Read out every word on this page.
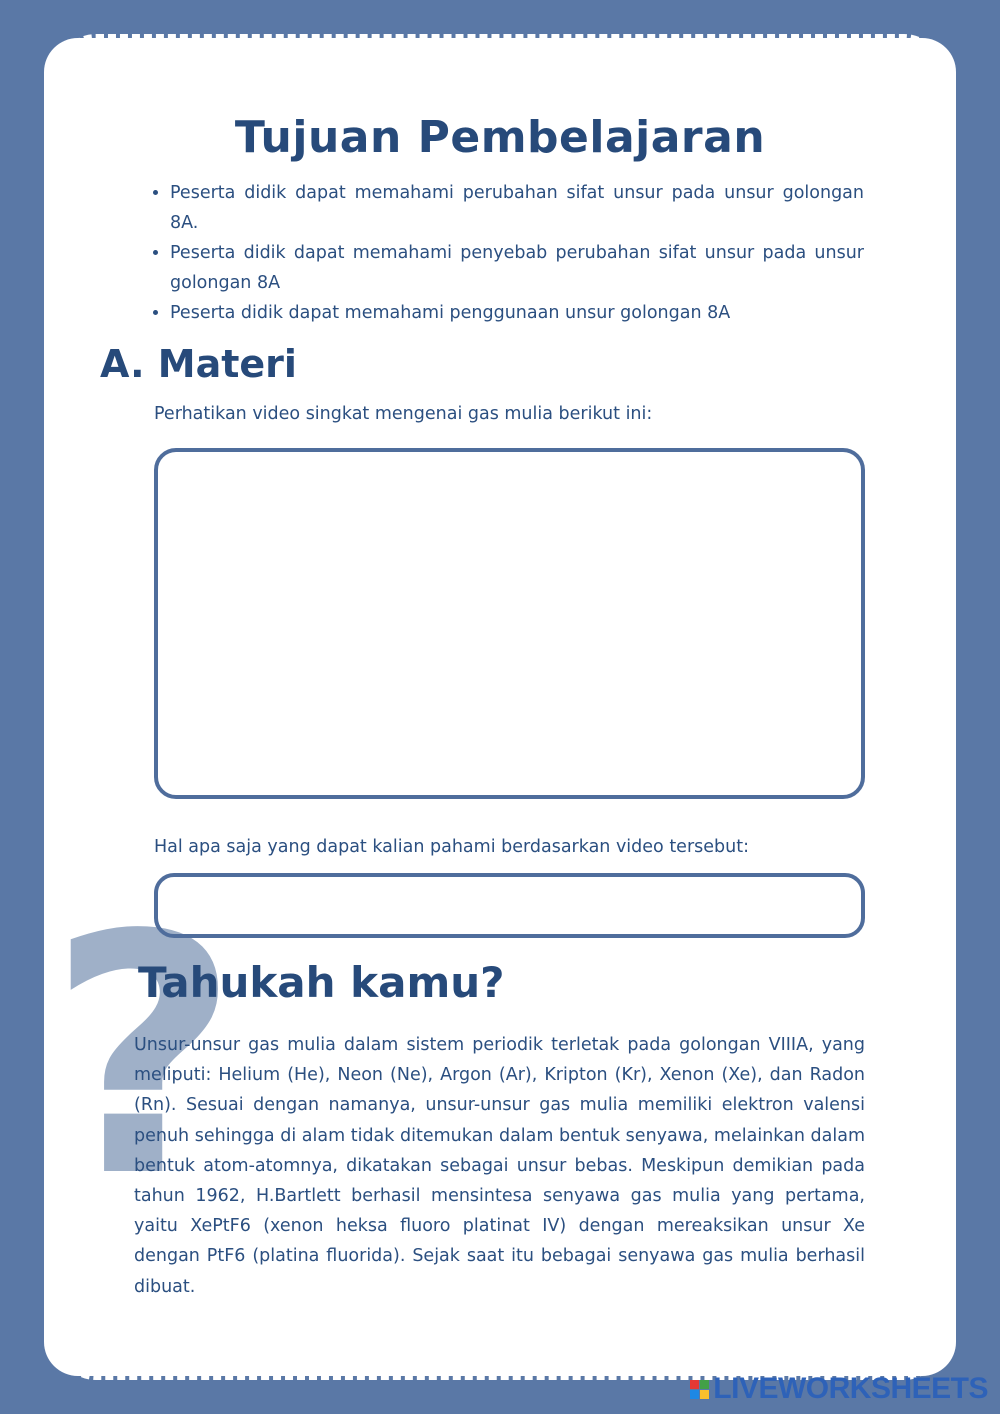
?

Tujuan Pembelajaran
• Peserta didik dapat memahami perubahan sifat unsur pada unsur golongan 8A.
• Peserta didik dapat memahami penyebab perubahan sifat unsur pada unsur golongan 8A
• Peserta didik dapat memahami penggunaan unsur golongan 8A
A. Materi

Perhatikan video singkat mengenai gas mulia berikut ini:

Hal apa saja yang dapat kalian pahami berdasarkan video tersebut:

Tahukah kamu?

Unsur-unsur gas mulia dalam sistem periodik terletak pada golongan VIIIA, yang meliputi: Helium (He), Neon (Ne), Argon (Ar), Kripton (Kr), Xenon (Xe), dan Radon (Rn). Sesuai dengan namanya, unsur-unsur gas mulia memiliki elektron valensi penuh sehingga di alam tidak ditemukan dalam bentuk senyawa, melainkan dalam bentuk atom-atomnya, dikatakan sebagai unsur bebas. Meskipun demikian pada tahun 1962, H.Bartlett berhasil mensintesa senyawa gas mulia yang pertama, yaitu XePtF6 (xenon heksa fluoro platinat IV) dengan mereaksikan unsur Xe dengan PtF6 (platina fluorida). Sejak saat itu bebagai senyawa gas mulia berhasil dibuat.

LIVEWORKSHEETS
